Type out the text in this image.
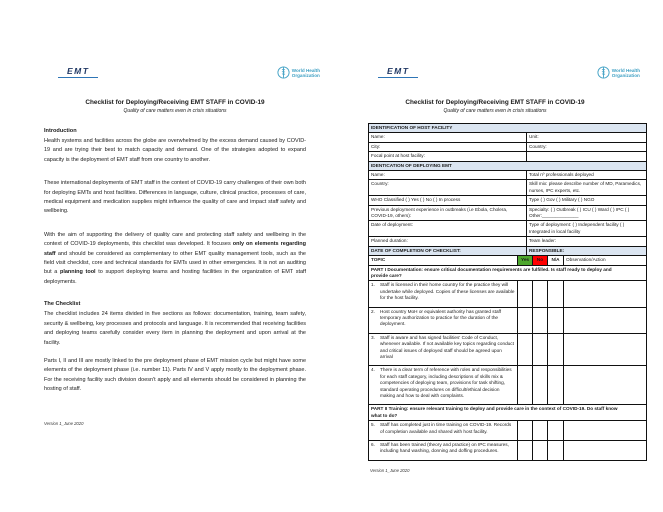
EMT	World Health
Organization
Checklist for Deploying/Receiving EMT STAFF in COVID-19
Quality of care matters even in crisis situations
Introduction

Health systems and facilities across the globe are overwhelmed by the excess demand caused by COVID-19 and are trying their best to match capacity and demand. One of the strategies adopted to expand capacity is the deployment of EMT staff from one country to another.

These international deployments of EMT staff in the context of COVID-19 carry challenges of their own both for deploying EMTs and host facilities. Differences in language, culture, clinical practice, processes of care, medical equipment and medication supplies might influence the quality of care and impact staff safety and wellbeing.

With the aim of supporting the delivery of quality care and protecting staff safety and wellbeing in the context of COVID-19 deployments, this checklist was developed. It focuses only on elements regarding staff and should be considered as complementary to other EMT quality management tools, such as the field visit checklist, core and technical standards for EMTs used in other emergencies. It is not an auditing but a planning tool to support deploying teams and hosting facilities in the organization of EMT staff deployments.

The Checklist

The checklist includes 24 items divided in five sections as follows: documentation, training, team safety, security & wellbeing, key processes and protocols and language. It is recommended that receiving facilities and deploying teams carefully consider every item in planning the deployment and upon arrival at the facility.

Parts I, II and III are mostly linked to the pre deployment phase of EMT mission cycle but might have some elements of the deployment phase (i.e. number 11). Parts IV and V apply mostly to the deployment phase. For the receiving facility such division doesn't apply and all elements should be considered in planning the hosting of staff.

Version 1_June 2020
EMT	World Health
Organization
Checklist for Deploying/Receiving EMT STAFF in COVID-19
Quality of care matters even in crisis situations
IDENTIFICATION OF HOST FACILITY	
Name:	Unit:
City:	Country:
Focal point at host facility:	
IDENTICATION OF DEPLOYING EMT	
Name:	Total nº professionals deployed
Country:	Skill mix: please describe number of MD, Paramedics, nurses, IPC experts, etc.
WHO Classified ( ) Yes ( ) No ( ) In process	Type ( ) Gov ( ) Military ( ) NGO
Previous deployment experience in outbreaks (i.e Ebola, Cholera, COVID-19, others):	Specialty: ( ) Outbreak ( ) ICU ( ) Ward ( ) IPC ( ) Other:______________
Date of deployment:	Type of deployment: ( ) Independent facility ( ) Integrated in local facility
Planned duration:	Team leader:
DATE OF COMPLETION OF CHECKLIST:	RESPONSIBLE:
TOPIC	Yes	No	N/A	Observation/Action
PART I Documentation: ensure critical documentation requirements are fulfilled. Is staff ready to deploy and provide care?				

1. Staff is licensed in their home country for the practice they will undertake while deployed. Copies of these licenses are available for the host facility.				

2. Host country MoH or equivalent authority has granted staff temporary authorization to practice for the duration of the deployment.				

3. Staff is aware and has signed facilities' Code of Conduct, whenever available. If not available key topics regarding conduct and critical issues of deployed staff should be agreed upon arrival				

4. There is a clear term of reference with roles and responsibilities for each staff category, including descriptions of skills mix & competencies of deploying team, provisions for task shifting, standard operating procedures on difficult/ethical decision making and how to deal with complaints.				

PART II Training: ensure relevant training to deploy and provide care in the context of COVID-19. Do staff know what to do?				

5. Staff has completed just in time training on COVID-19. Records of completion available and shared with host facility.				

6. Staff has been trained (theory and practice) on IPC measures, including hand washing, donning and doffing procedures.				

Version 1_June 2020
